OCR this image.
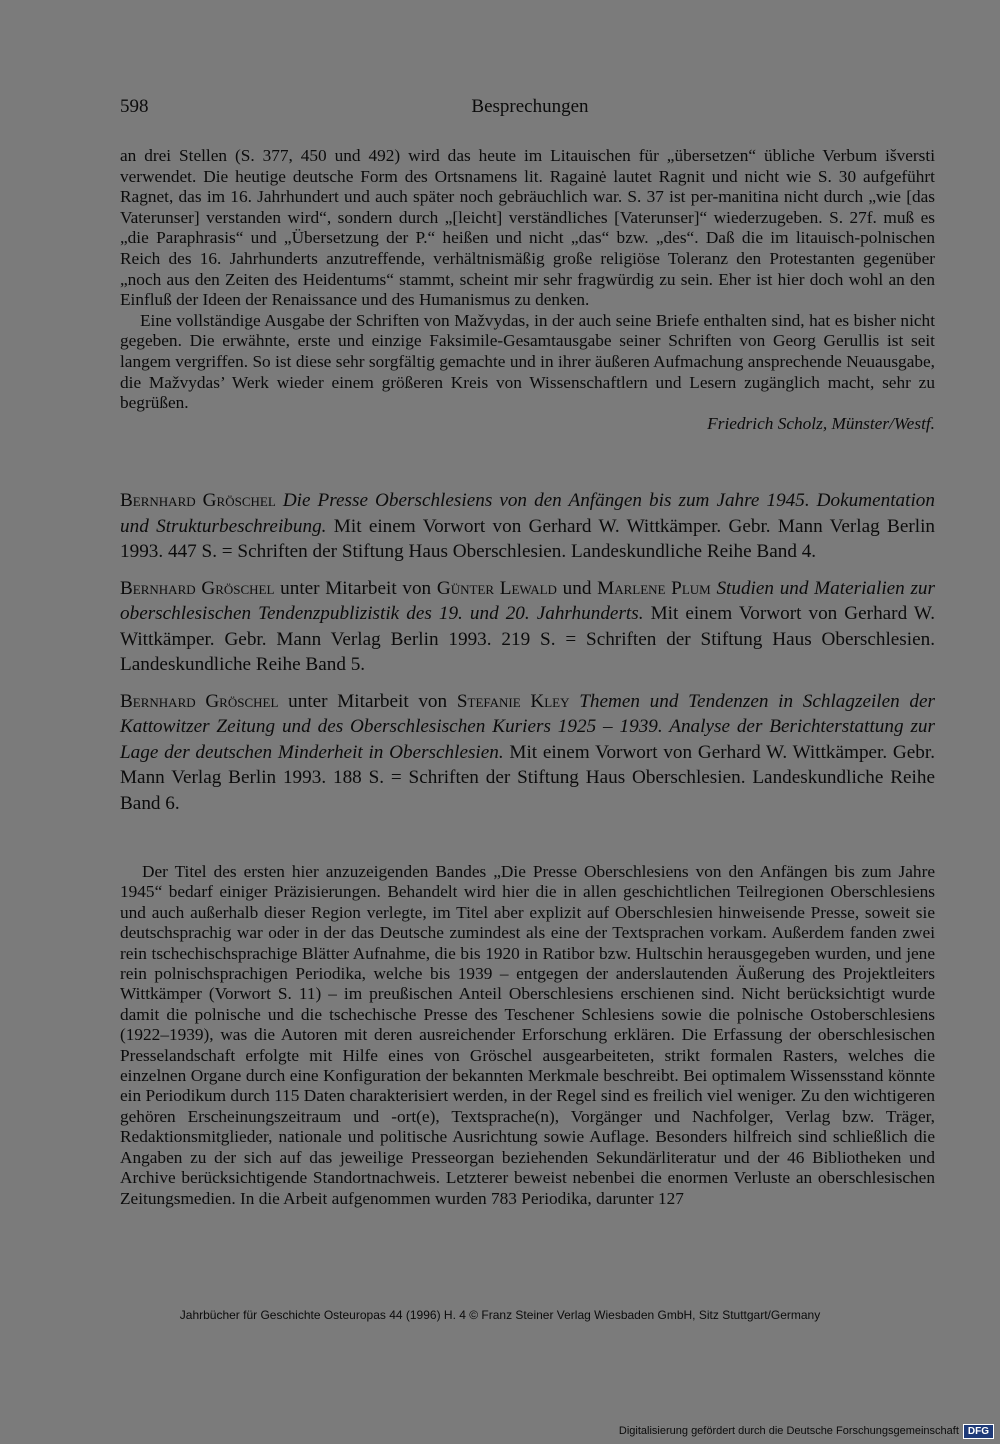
598	Besprechungen

an drei Stellen (S. 377, 450 und 492) wird das heute im Litauischen für „übersetzen“ übliche Verbum išversti verwendet. Die heutige deutsche Form des Ortsnamens lit. Ragainė lautet Ragnit und nicht wie S. 30 aufgeführt Ragnet, das im 16. Jahrhundert und auch später noch gebräuchlich war. S. 37 ist per-manitina nicht durch „wie [das Vaterunser] verstanden wird“, sondern durch „[leicht] verständliches [Vaterunser]“ wiederzugeben. S. 27f. muß es „die Paraphrasis“ und „Übersetzung der P.“ heißen und nicht „das“ bzw. „des“. Daß die im litauisch-polnischen Reich des 16. Jahrhunderts anzutreffende, verhältnismäßig große religiöse Toleranz den Protestanten gegenüber „noch aus den Zeiten des Heidentums“ stammt, scheint mir sehr fragwürdig zu sein. Eher ist hier doch wohl an den Einfluß der Ideen der Renaissance und des Humanismus zu denken.

Eine vollständige Ausgabe der Schriften von Mažvydas, in der auch seine Briefe enthalten sind, hat es bisher nicht gegeben. Die erwähnte, erste und einzige Faksimile-Gesamtausgabe seiner Schriften von Georg Gerullis ist seit langem vergriffen. So ist diese sehr sorgfältig gemachte und in ihrer äußeren Aufmachung ansprechende Neuausgabe, die Mažvydas’ Werk wieder einem größeren Kreis von Wissenschaftlern und Lesern zugänglich macht, sehr zu begrüßen.

Friedrich Scholz, Münster/Westf.

Bernhard Gröschel Die Presse Oberschlesiens von den Anfängen bis zum Jahre 1945. Dokumentation und Strukturbeschreibung. Mit einem Vorwort von Gerhard W. Wittkämper. Gebr. Mann Verlag Berlin 1993. 447 S. = Schriften der Stiftung Haus Oberschlesien. Landeskundliche Reihe Band 4.

Bernhard Gröschel unter Mitarbeit von Günter Lewald und Marlene Plum Studien und Materialien zur oberschlesischen Tendenzpublizistik des 19. und 20. Jahrhunderts. Mit einem Vorwort von Gerhard W. Wittkämper. Gebr. Mann Verlag Berlin 1993. 219 S. = Schriften der Stiftung Haus Oberschlesien. Landeskundliche Reihe Band 5.

Bernhard Gröschel unter Mitarbeit von Stefanie Kley Themen und Tendenzen in Schlagzeilen der Kattowitzer Zeitung und des Oberschlesischen Kuriers 1925 – 1939. Analyse der Berichterstattung zur Lage der deutschen Minderheit in Oberschlesien. Mit einem Vorwort von Gerhard W. Wittkämper. Gebr. Mann Verlag Berlin 1993. 188 S. = Schriften der Stiftung Haus Oberschlesien. Landeskundliche Reihe Band 6.

Der Titel des ersten hier anzuzeigenden Bandes „Die Presse Oberschlesiens von den Anfängen bis zum Jahre 1945“ bedarf einiger Präzisierungen. Behandelt wird hier die in allen geschichtlichen Teilregionen Oberschlesiens und auch außerhalb dieser Region verlegte, im Titel aber explizit auf Oberschlesien hinweisende Presse, soweit sie deutschsprachig war oder in der das Deutsche zumindest als eine der Textsprachen vorkam. Außerdem fanden zwei rein tschechischsprachige Blätter Aufnahme, die bis 1920 in Ratibor bzw. Hultschin herausgegeben wurden, und jene rein polnischsprachigen Periodika, welche bis 1939 – entgegen der anderslautenden Äußerung des Projektleiters Wittkämper (Vorwort S. 11) – im preußischen Anteil Oberschlesiens erschienen sind. Nicht berücksichtigt wurde damit die polnische und die tschechische Presse des Teschener Schlesiens sowie die polnische Ostoberschlesiens (1922–1939), was die Autoren mit deren ausreichender Erforschung erklären. Die Erfassung der oberschlesischen Presselandschaft erfolgte mit Hilfe eines von Gröschel ausgearbeiteten, strikt formalen Rasters, welches die einzelnen Organe durch eine Konfiguration der bekannten Merkmale beschreibt. Bei optimalem Wissensstand könnte ein Periodikum durch 115 Daten charakterisiert werden, in der Regel sind es freilich viel weniger. Zu den wichtigeren gehören Erscheinungszeitraum und -ort(e), Textsprache(n), Vorgänger und Nachfolger, Verlag bzw. Träger, Redaktionsmitglieder, nationale und politische Ausrichtung sowie Auflage. Besonders hilfreich sind schließlich die Angaben zu der sich auf das jeweilige Presseorgan beziehenden Sekundärliteratur und der 46 Bibliotheken und Archive berücksichtigende Standortnachweis. Letzterer beweist nebenbei die enormen Verluste an oberschlesischen Zeitungsmedien. In die Arbeit aufgenommen wurden 783 Periodika, darunter 127

Jahrbücher für Geschichte Osteuropas 44 (1996) H. 4 © Franz Steiner Verlag Wiesbaden GmbH, Sitz Stuttgart/Germany
Digitalisierung gefördert durch die Deutsche Forschungsgemeinschaft DFG
